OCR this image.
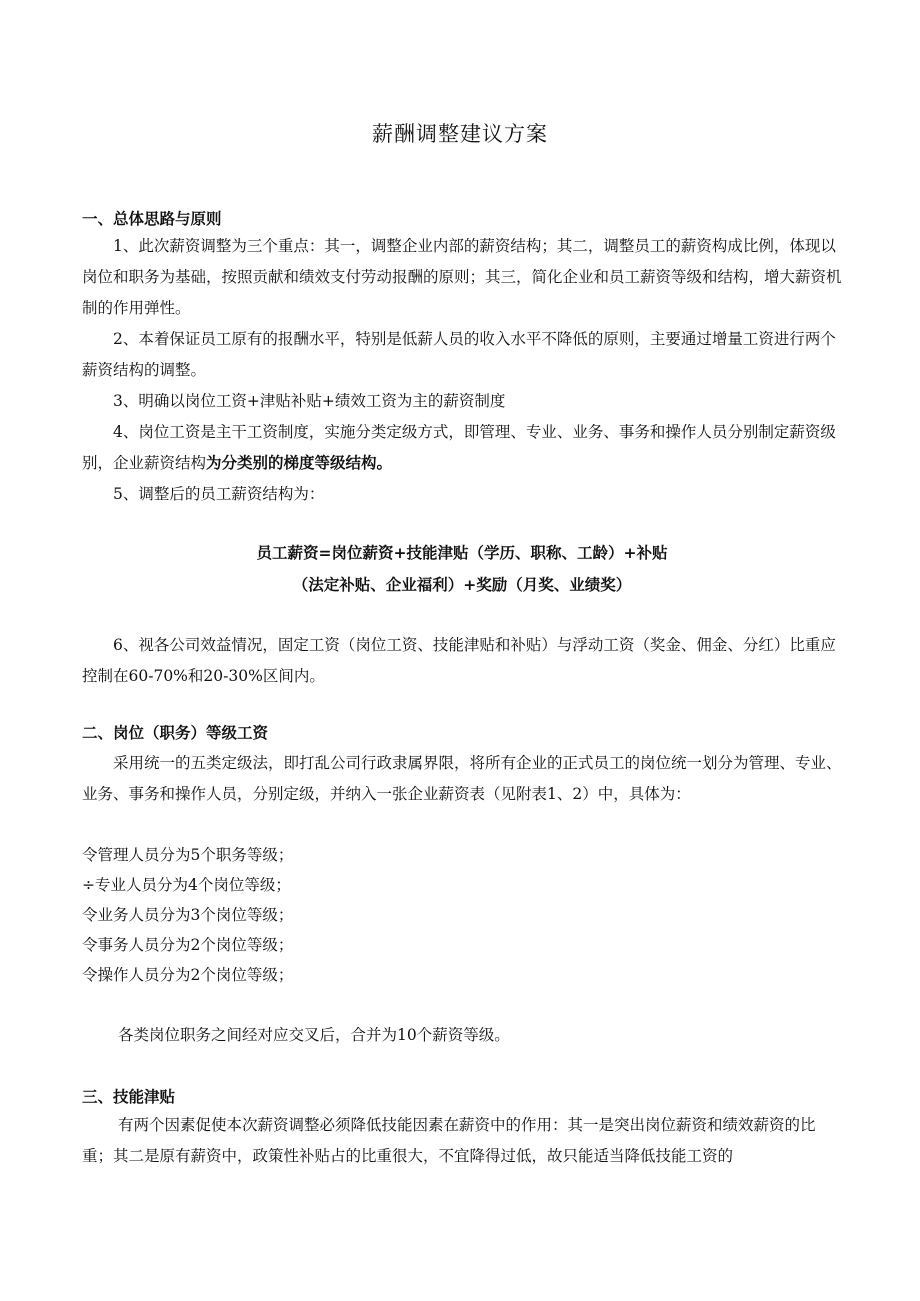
薪酬调整建议方案
一、总体思路与原则
1、此次薪资调整为三个重点：其一，调整企业内部的薪资结构；其二，调整员工的薪资构成比例，体现以岗位和职务为基础，按照贡献和绩效支付劳动报酬的原则；其三，简化企业和员工薪资等级和结构，增大薪资机制的作用弹性。
2、本着保证员工原有的报酬水平，特别是低薪人员的收入水平不降低的原则，主要通过增量工资进行两个薪资结构的调整。
3、明确以岗位工资+津贴补贴+绩效工资为主的薪资制度
4、岗位工资是主干工资制度，实施分类定级方式，即管理、专业、业务、事务和操作人员分别制定薪资级别，企业薪资结构为分类别的梯度等级结构。
5、调整后的员工薪资结构为：
员工薪资=岗位薪资+技能津贴（学历、职称、工龄）+补贴
（法定补贴、企业福利）+奖励（月奖、业绩奖）
6、视各公司效益情况，固定工资（岗位工资、技能津贴和补贴）与浮动工资（奖金、佣金、分红）比重应控制在60-70%和20-30%区间内。
二、岗位（职务）等级工资
采用统一的五类定级法，即打乱公司行政隶属界限，将所有企业的正式员工的岗位统一划分为管理、专业、业务、事务和操作人员，分别定级，并纳入一张企业薪资表（见附表1、2）中，具体为：
令管理人员分为5个职务等级；
÷专业人员分为4个岗位等级；
令业务人员分为3个岗位等级；
令事务人员分为2个岗位等级；
令操作人员分为2个岗位等级；
各类岗位职务之间经对应交叉后，合并为10个薪资等级。
三、技能津贴
有两个因素促使本次薪资调整必须降低技能因素在薪资中的作用：其一是突出岗位薪资和绩效薪资的比重；其二是原有薪资中，政策性补贴占的比重很大，不宜降得过低，故只能适当降低技能工资的
